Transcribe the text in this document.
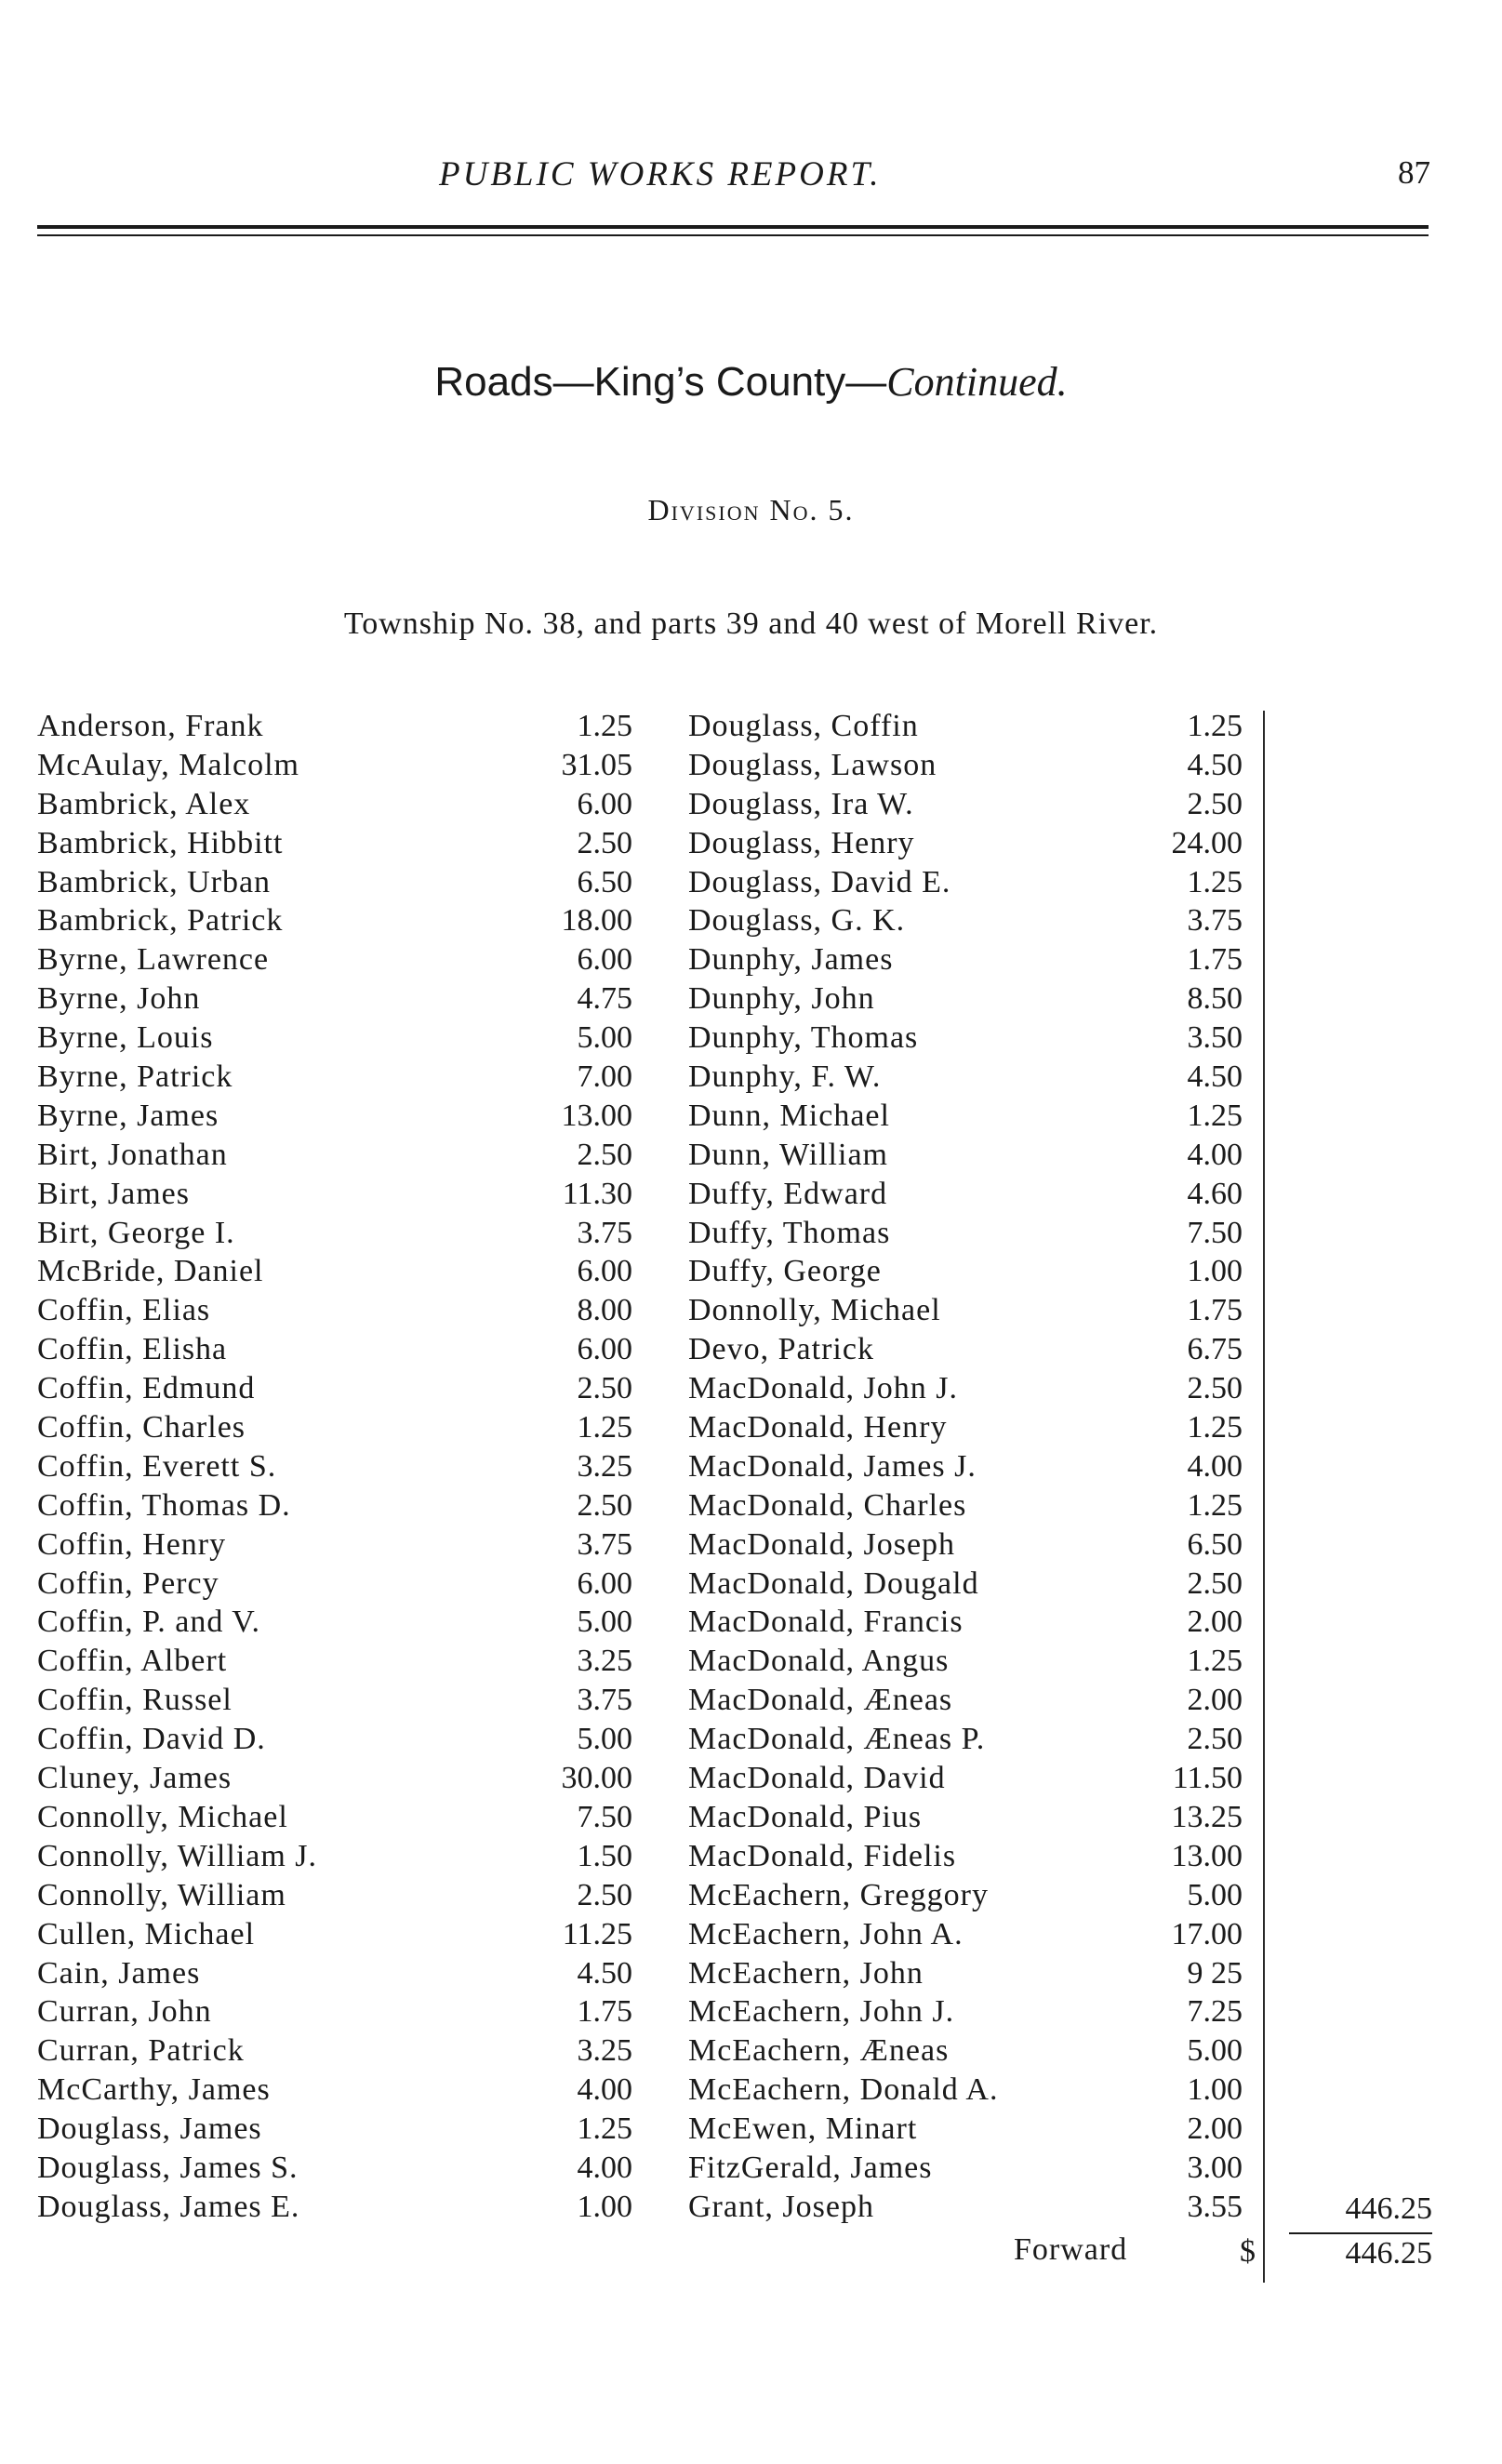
PUBLIC WORKS REPORT.	87
Roads—King’s County—Continued.
Division No. 5.
Township No. 38, and parts 39 and 40 west of Morell River.
Anderson, Frank	1.25
McAulay, Malcolm	31.05
Bambrick, Alex	6.00
Bambrick, Hibbitt	2.50
Bambrick, Urban	6.50
Bambrick, Patrick	18.00
Byrne, Lawrence	6.00
Byrne, John	4.75
Byrne, Louis	5.00
Byrne, Patrick	7.00
Byrne, James	13.00
Birt, Jonathan	2.50
Birt, James	11.30
Birt, George I.	3.75
McBride, Daniel	6.00
Coffin, Elias	8.00
Coffin, Elisha	6.00
Coffin, Edmund	2.50
Coffin, Charles	1.25
Coffin, Everett S.	3.25
Coffin, Thomas D.	2.50
Coffin, Henry	3.75
Coffin, Percy	6.00
Coffin, P. and V.	5.00
Coffin, Albert	3.25
Coffin, Russel	3.75
Coffin, David D.	5.00
Cluney, James	30.00
Connolly, Michael	7.50
Connolly, William J.	1.50
Connolly, William	2.50
Cullen, Michael	11.25
Cain, James	4.50
Curran, John	1.75
Curran, Patrick	3.25
McCarthy, James	4.00
Douglass, James	1.25
Douglass, James S.	4.00
Douglass, James E.	1.00
Douglass, Coffin	1.25
Douglass, Lawson	4.50
Douglass, Ira W.	2.50
Douglass, Henry	24.00
Douglass, David E.	1.25
Douglass, G. K.	3.75
Dunphy, James	1.75
Dunphy, John	8.50
Dunphy, Thomas	3.50
Dunphy, F. W.	4.50
Dunn, Michael	1.25
Dunn, William	4.00
Duffy, Edward	4.60
Duffy, Thomas	7.50
Duffy, George	1.00
Donnolly, Michael	1.75
Devo, Patrick	6.75
MacDonald, John J.	2.50
MacDonald, Henry	1.25
MacDonald, James J.	4.00
MacDonald, Charles	1.25
MacDonald, Joseph	6.50
MacDonald, Dougald	2.50
MacDonald, Francis	2.00
MacDonald, Angus	1.25
MacDonald, Æneas	2.00
MacDonald, Æneas P.	2.50
MacDonald, David	11.50
MacDonald, Pius	13.25
MacDonald, Fidelis	13.00
McEachern, Greggory	5.00
McEachern, John A.	17.00
McEachern, John	9 25
McEachern, John J.	7.25
McEachern, Æneas	5.00
McEachern, Donald A.	1.00
McEwen, Minart	2.00
FitzGerald, James	3.00
Grant, Joseph	3.55	446.25
Forward	$	446.25
